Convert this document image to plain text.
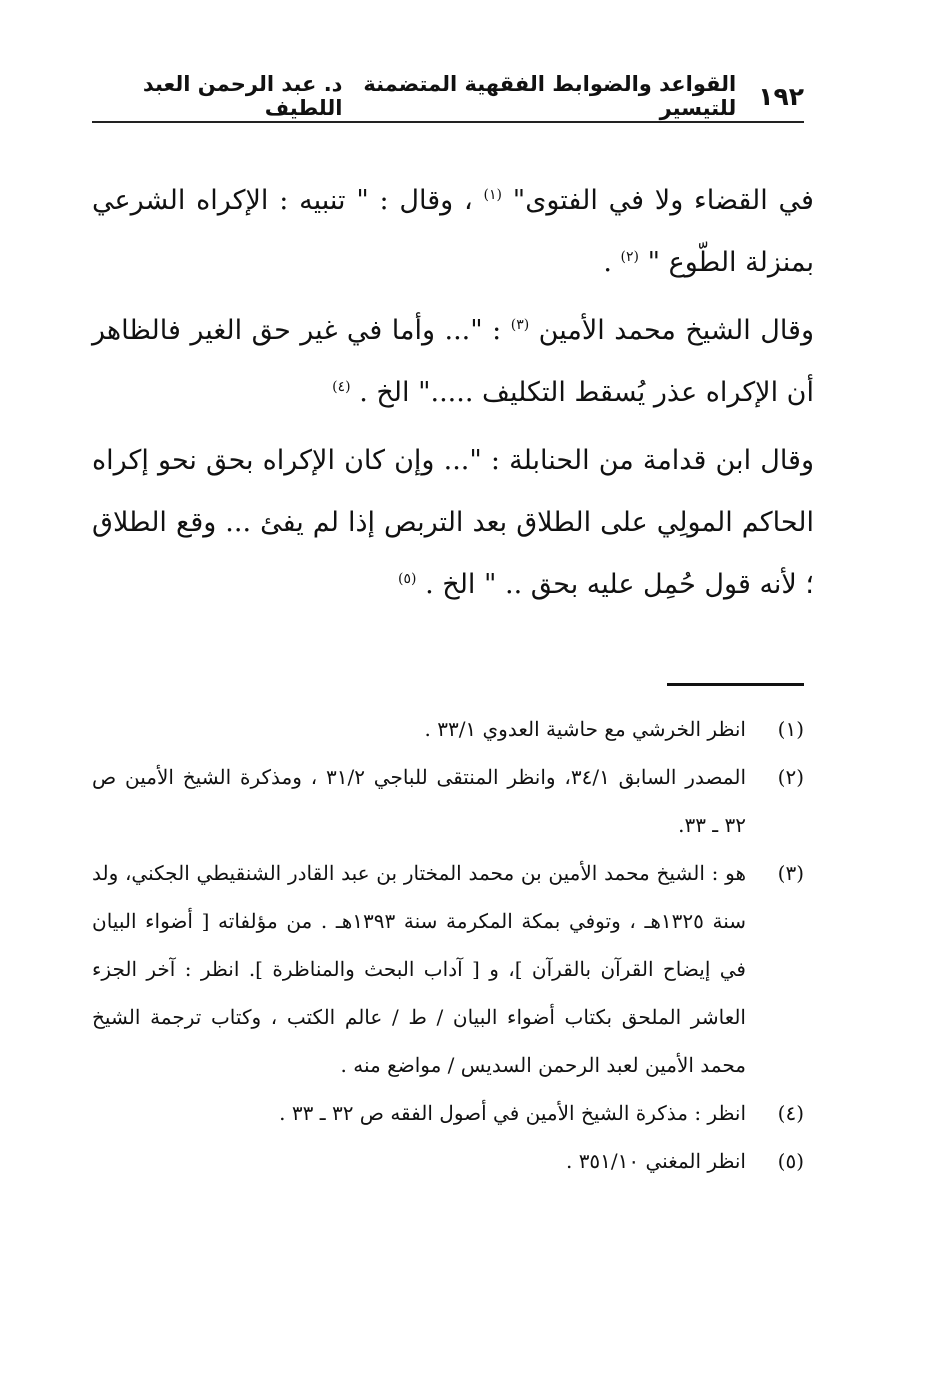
١٩٢
القواعد والضوابط الفقهية المتضمنة للتيسير
د. عبد الرحمن العبد اللطيف

في القضاء ولا في الفتوى" $^{(١)}$ ، وقال : " تنبيه : الإكراه الشرعي بمنزلة الطّوع " $^{(٢)}$ .

وقال الشيخ محمد الأمين $^{(٣)}$ : "... وأما في غير حق الغير فالظاهر أن الإكراه عذر يُسقط التكليف ....." الخ . $^{(٤)}$

وقال ابن قدامة من الحنابلة : "... وإن كان الإكراه بحق نحو إكراه الحاكم المولِي على الطلاق بعد التربص إذا لم يفئ ... وقع الطلاق ؛ لأنه قول حُمِل عليه بحق .. " الخ . $^{(٥)}$

(١)
انظر الخرشي مع حاشية العدوي ٣٣/١ .
(٢)
المصدر السابق ٣٤/١، وانظر المنتقى للباجي ٣١/٢ ، ومذكرة الشيخ الأمين ص ٣٢ ـ ٣٣.
(٣)
هو : الشيخ محمد الأمين بن محمد المختار بن عبد القادر الشنقيطي الجكني، ولد سنة ١٣٢٥هـ ، وتوفي بمكة المكرمة سنة ١٣٩٣هـ . من مؤلفاته [ أضواء البيان في إيضاح القرآن بالقرآن ]، و [ آداب البحث والمناظرة ]. انظر : آخر الجزء العاشر الملحق بكتاب أضواء البيان / ط / عالم الكتب ، وكتاب ترجمة الشيخ محمد الأمين لعبد الرحمن السديس / مواضع منه .
(٤)
انظر : مذكرة الشيخ الأمين في أصول الفقه ص ٣٢ ـ ٣٣ .
(٥)
انظر المغني ٣٥١/١٠ .
